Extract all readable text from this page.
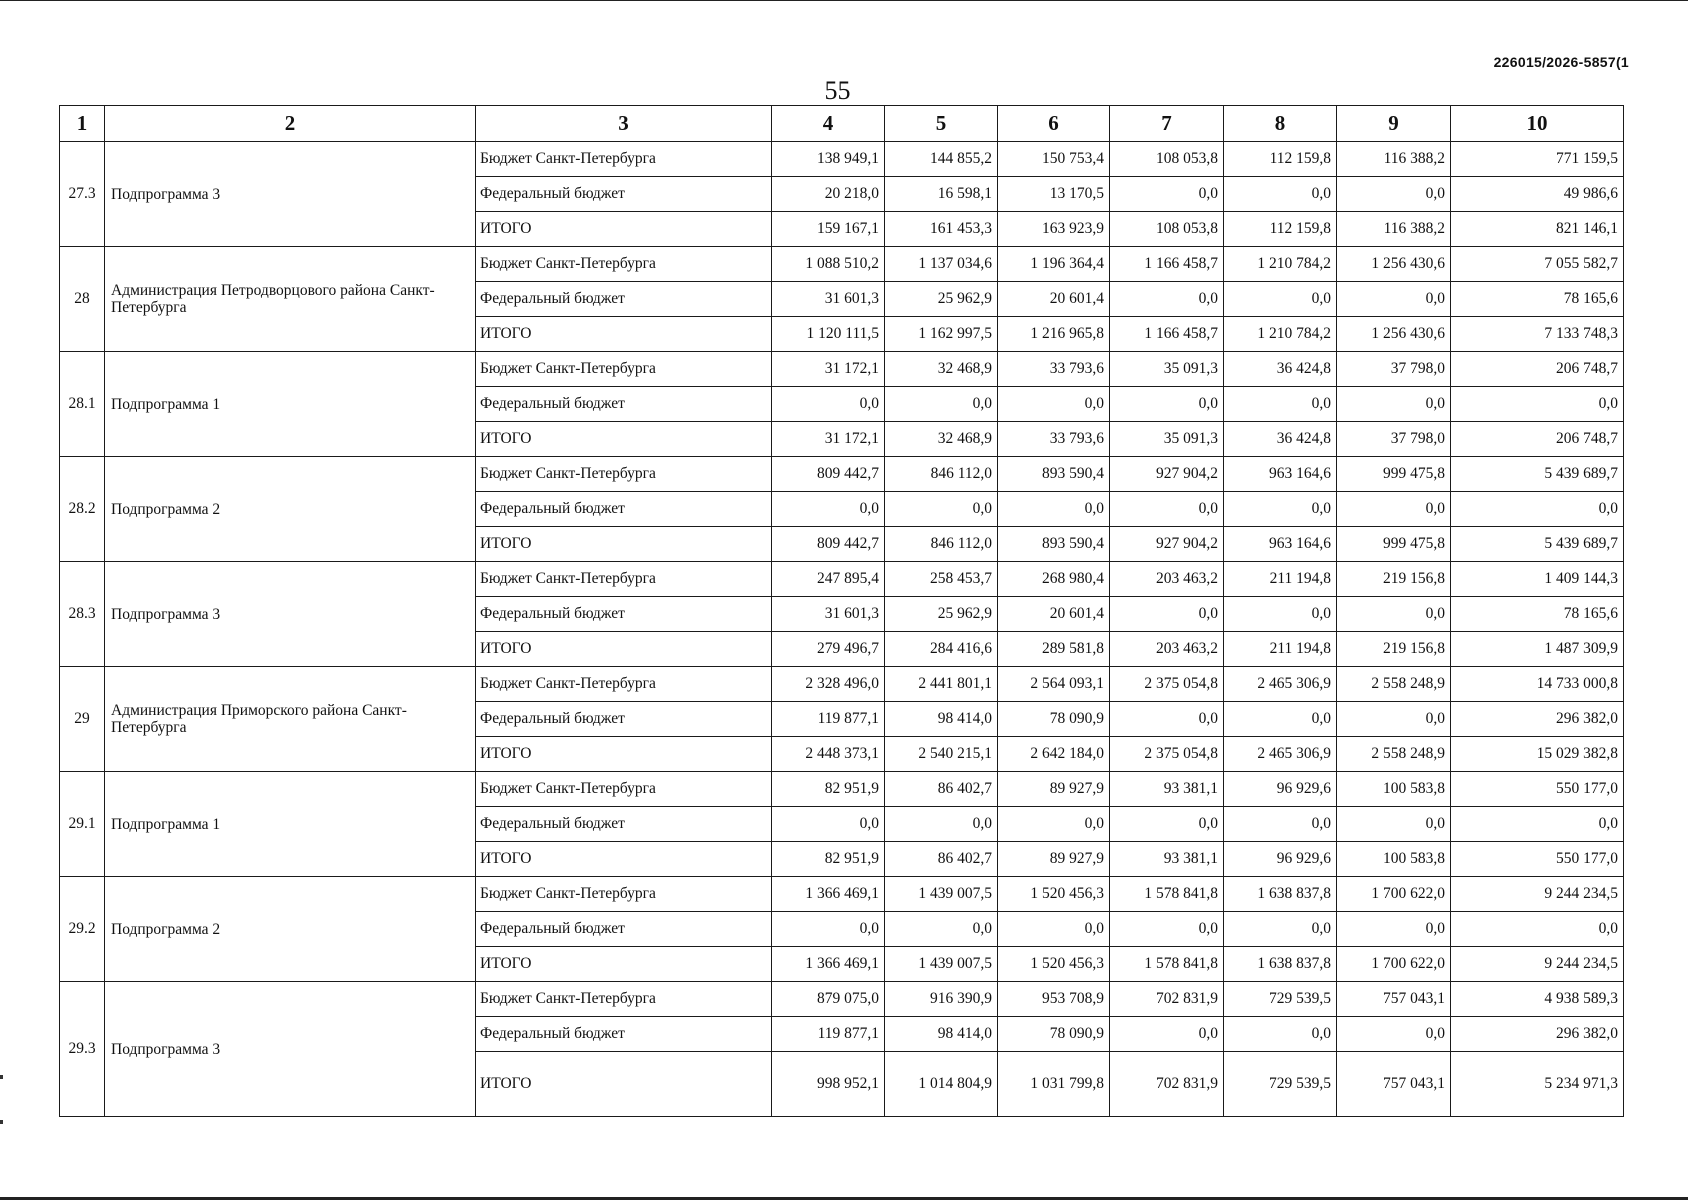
226015/2026-5857(1
55
1	2	3	4	5	6	7	8	9	10
27.3	Подпрограмма 3	Бюджет Санкт-Петербурга	138 949,1	144 855,2	150 753,4	108 053,8	112 159,8	116 388,2	771 159,5
		Федеральный бюджет	20 218,0	16 598,1	13 170,5	0,0	0,0	0,0	49 986,6
		ИТОГО	159 167,1	161 453,3	163 923,9	108 053,8	112 159,8	116 388,2	821 146,1
28	Администрация Петродворцового района Санкт-Петербурга	Бюджет Санкт-Петербурга	1 088 510,2	1 137 034,6	1 196 364,4	1 166 458,7	1 210 784,2	1 256 430,6	7 055 582,7
		Федеральный бюджет	31 601,3	25 962,9	20 601,4	0,0	0,0	0,0	78 165,6
		ИТОГО	1 120 111,5	1 162 997,5	1 216 965,8	1 166 458,7	1 210 784,2	1 256 430,6	7 133 748,3
28.1	Подпрограмма 1	Бюджет Санкт-Петербурга	31 172,1	32 468,9	33 793,6	35 091,3	36 424,8	37 798,0	206 748,7
		Федеральный бюджет	0,0	0,0	0,0	0,0	0,0	0,0	0,0
		ИТОГО	31 172,1	32 468,9	33 793,6	35 091,3	36 424,8	37 798,0	206 748,7
28.2	Подпрограмма 2	Бюджет Санкт-Петербурга	809 442,7	846 112,0	893 590,4	927 904,2	963 164,6	999 475,8	5 439 689,7
		Федеральный бюджет	0,0	0,0	0,0	0,0	0,0	0,0	0,0
		ИТОГО	809 442,7	846 112,0	893 590,4	927 904,2	963 164,6	999 475,8	5 439 689,7
28.3	Подпрограмма 3	Бюджет Санкт-Петербурга	247 895,4	258 453,7	268 980,4	203 463,2	211 194,8	219 156,8	1 409 144,3
		Федеральный бюджет	31 601,3	25 962,9	20 601,4	0,0	0,0	0,0	78 165,6
		ИТОГО	279 496,7	284 416,6	289 581,8	203 463,2	211 194,8	219 156,8	1 487 309,9
29	Администрация Приморского района Санкт-Петербурга	Бюджет Санкт-Петербурга	2 328 496,0	2 441 801,1	2 564 093,1	2 375 054,8	2 465 306,9	2 558 248,9	14 733 000,8
		Федеральный бюджет	119 877,1	98 414,0	78 090,9	0,0	0,0	0,0	296 382,0
		ИТОГО	2 448 373,1	2 540 215,1	2 642 184,0	2 375 054,8	2 465 306,9	2 558 248,9	15 029 382,8
29.1	Подпрограмма 1	Бюджет Санкт-Петербурга	82 951,9	86 402,7	89 927,9	93 381,1	96 929,6	100 583,8	550 177,0
		Федеральный бюджет	0,0	0,0	0,0	0,0	0,0	0,0	0,0
		ИТОГО	82 951,9	86 402,7	89 927,9	93 381,1	96 929,6	100 583,8	550 177,0
29.2	Подпрограмма 2	Бюджет Санкт-Петербурга	1 366 469,1	1 439 007,5	1 520 456,3	1 578 841,8	1 638 837,8	1 700 622,0	9 244 234,5
		Федеральный бюджет	0,0	0,0	0,0	0,0	0,0	0,0	0,0
		ИТОГО	1 366 469,1	1 439 007,5	1 520 456,3	1 578 841,8	1 638 837,8	1 700 622,0	9 244 234,5
29.3	Подпрограмма 3	Бюджет Санкт-Петербурга	879 075,0	916 390,9	953 708,9	702 831,9	729 539,5	757 043,1	4 938 589,3
		Федеральный бюджет	119 877,1	98 414,0	78 090,9	0,0	0,0	0,0	296 382,0
		ИТОГО	998 952,1	1 014 804,9	1 031 799,8	702 831,9	729 539,5	757 043,1	5 234 971,3
